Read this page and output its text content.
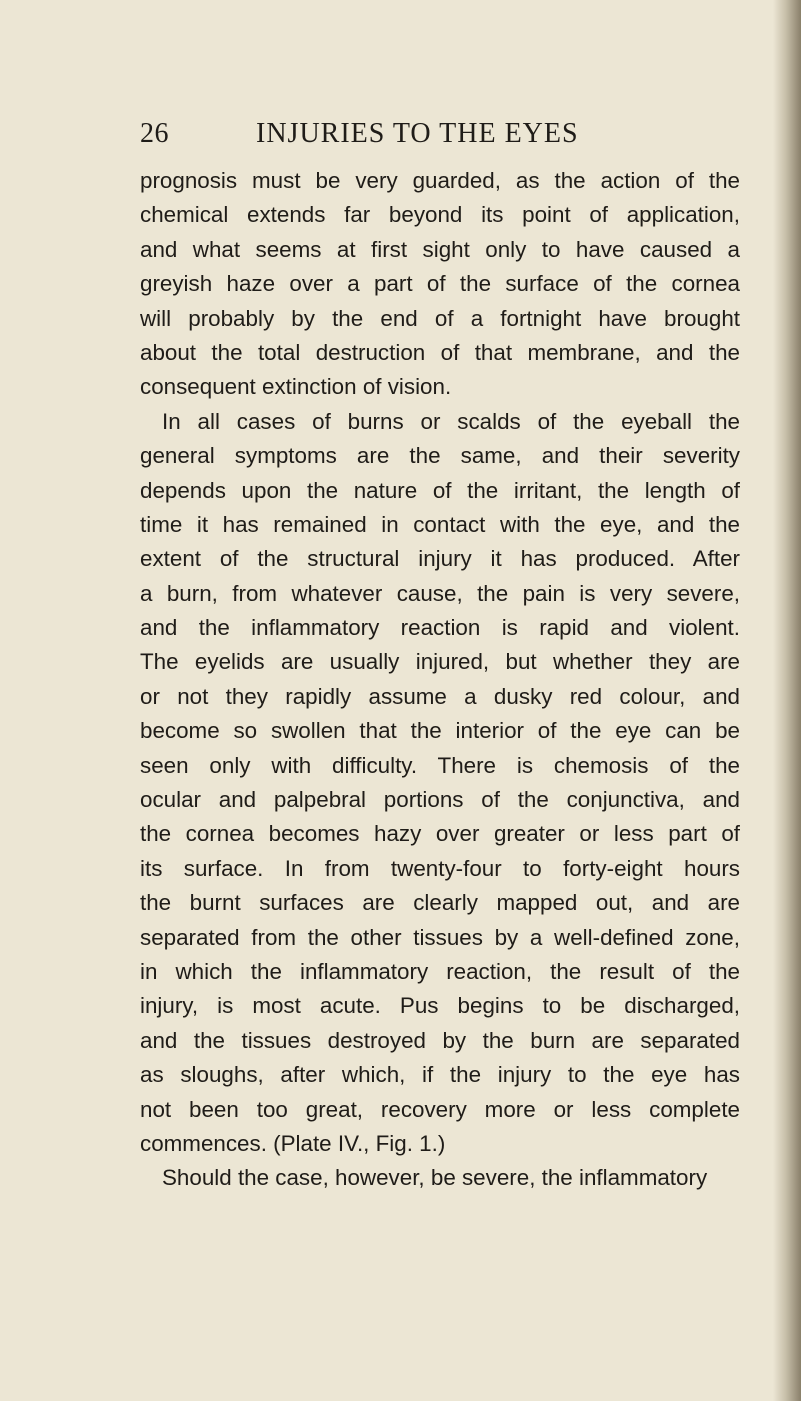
26	INJURIES TO THE EYES
prognosis must be very guarded, as the action of the
chemical extends far beyond its point of application,
and what seems at first sight only to have caused a
greyish haze over a part of the surface of the cornea
will probably by the end of a fortnight have brought
about the total destruction of that membrane, and the
consequent extinction of vision.
In all cases of burns or scalds of the eyeball the
general symptoms are the same, and their severity
depends upon the nature of the irritant, the length of
time it has remained in contact with the eye, and the
extent of the structural injury it has produced. After
a burn, from whatever cause, the pain is very severe,
and the inflammatory reaction is rapid and violent.
The eyelids are usually injured, but whether they are
or not they rapidly assume a dusky red colour, and
become so swollen that the interior of the eye can be
seen only with difficulty. There is chemosis of the
ocular and palpebral portions of the conjunctiva, and
the cornea becomes hazy over greater or less part of
its surface. In from twenty-four to forty-eight hours
the burnt surfaces are clearly mapped out, and are
separated from the other tissues by a well-defined zone,
in which the inflammatory reaction, the result of the
injury, is most acute. Pus begins to be discharged,
and the tissues destroyed by the burn are separated
as sloughs, after which, if the injury to the eye has
not been too great, recovery more or less complete
commences. (Plate IV., Fig. 1.)
Should the case, however, be severe, the inflammatory
